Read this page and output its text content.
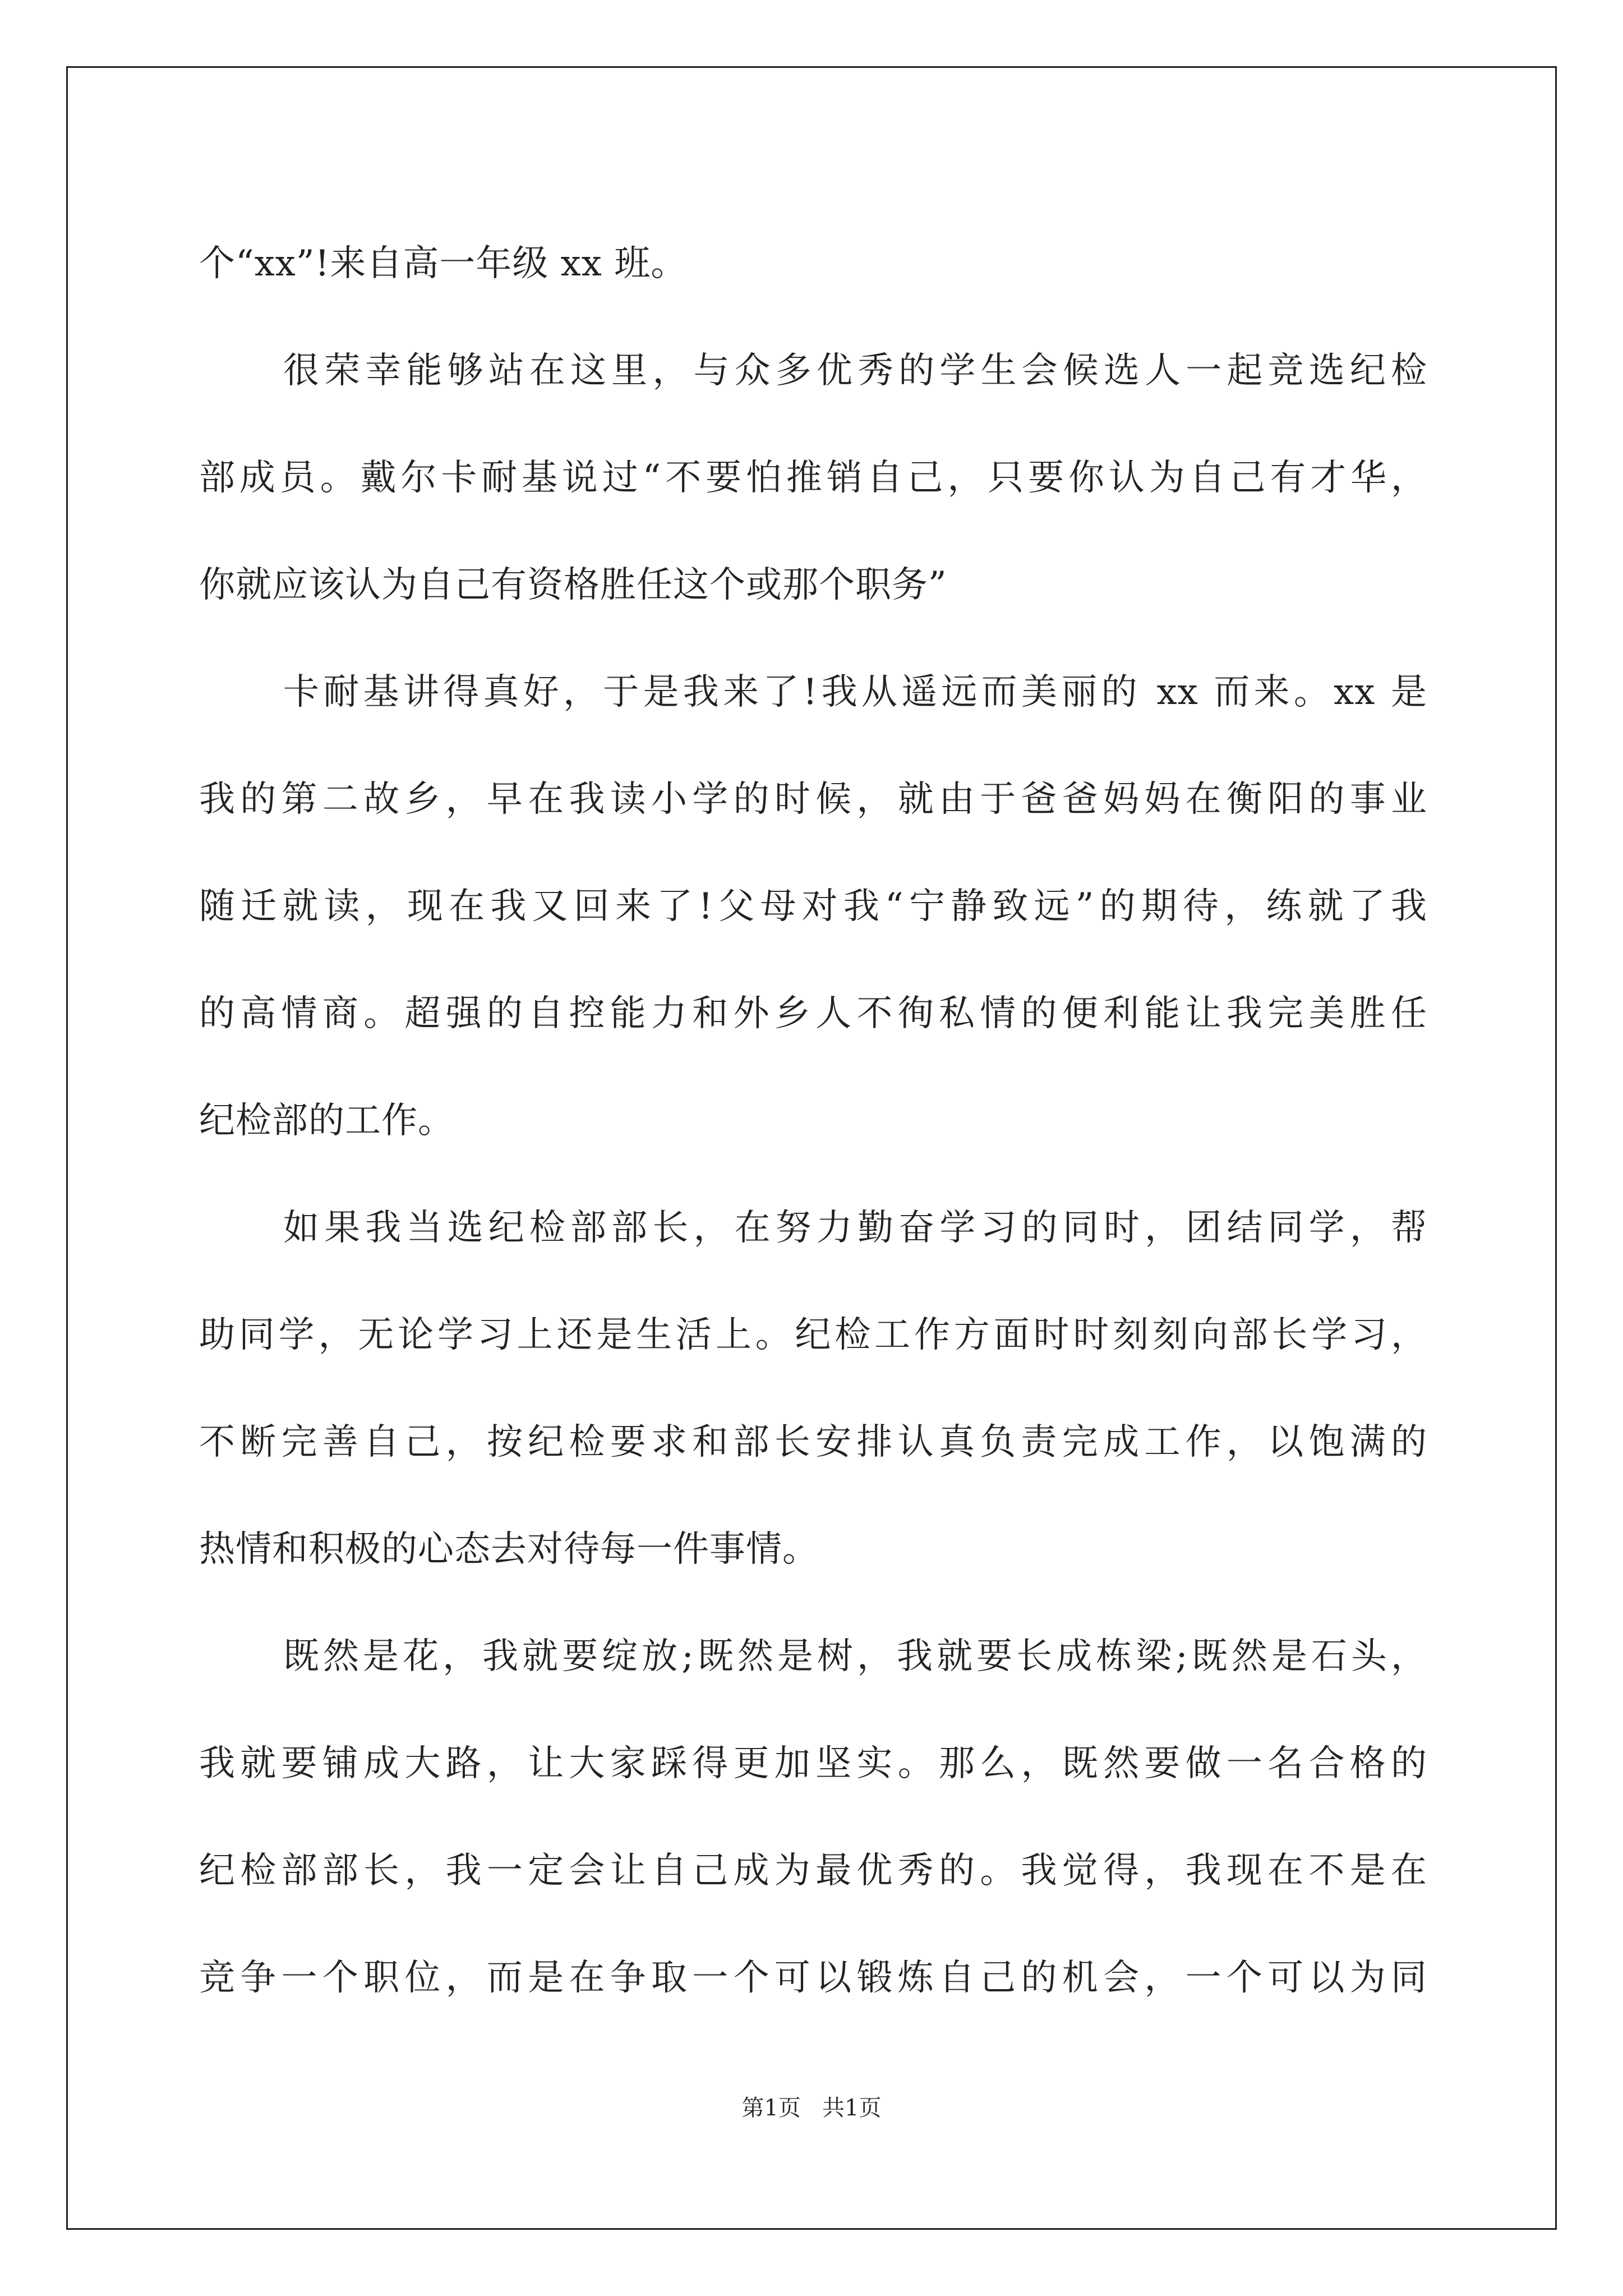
个“xx”!来自高一年级 xx 班。
很荣幸能够站在这里，与众多优秀的学生会候选人一起竞选纪检
部成员。戴尔卡耐基说过“不要怕推销自己，只要你认为自己有才华，
你就应该认为自己有资格胜任这个或那个职务”
卡耐基讲得真好，于是我来了!我从遥远而美丽的 xx 而来。xx 是
我的第二故乡，早在我读小学的时候，就由于爸爸妈妈在衡阳的事业
随迁就读，现在我又回来了!父母对我“宁静致远”的期待，练就了我
的高情商。超强的自控能力和外乡人不徇私情的便利能让我完美胜任
纪检部的工作。
如果我当选纪检部部长，在努力勤奋学习的同时，团结同学，帮
助同学，无论学习上还是生活上。纪检工作方面时时刻刻向部长学习，
不断完善自己，按纪检要求和部长安排认真负责完成工作，以饱满的
热情和积极的心态去对待每一件事情。
既然是花，我就要绽放;既然是树，我就要长成栋梁;既然是石头，
我就要铺成大路，让大家踩得更加坚实。那么，既然要做一名合格的
纪检部部长，我一定会让自己成为最优秀的。我觉得，我现在不是在
竞争一个职位，而是在争取一个可以锻炼自己的机会，一个可以为同
第1页   共1页
